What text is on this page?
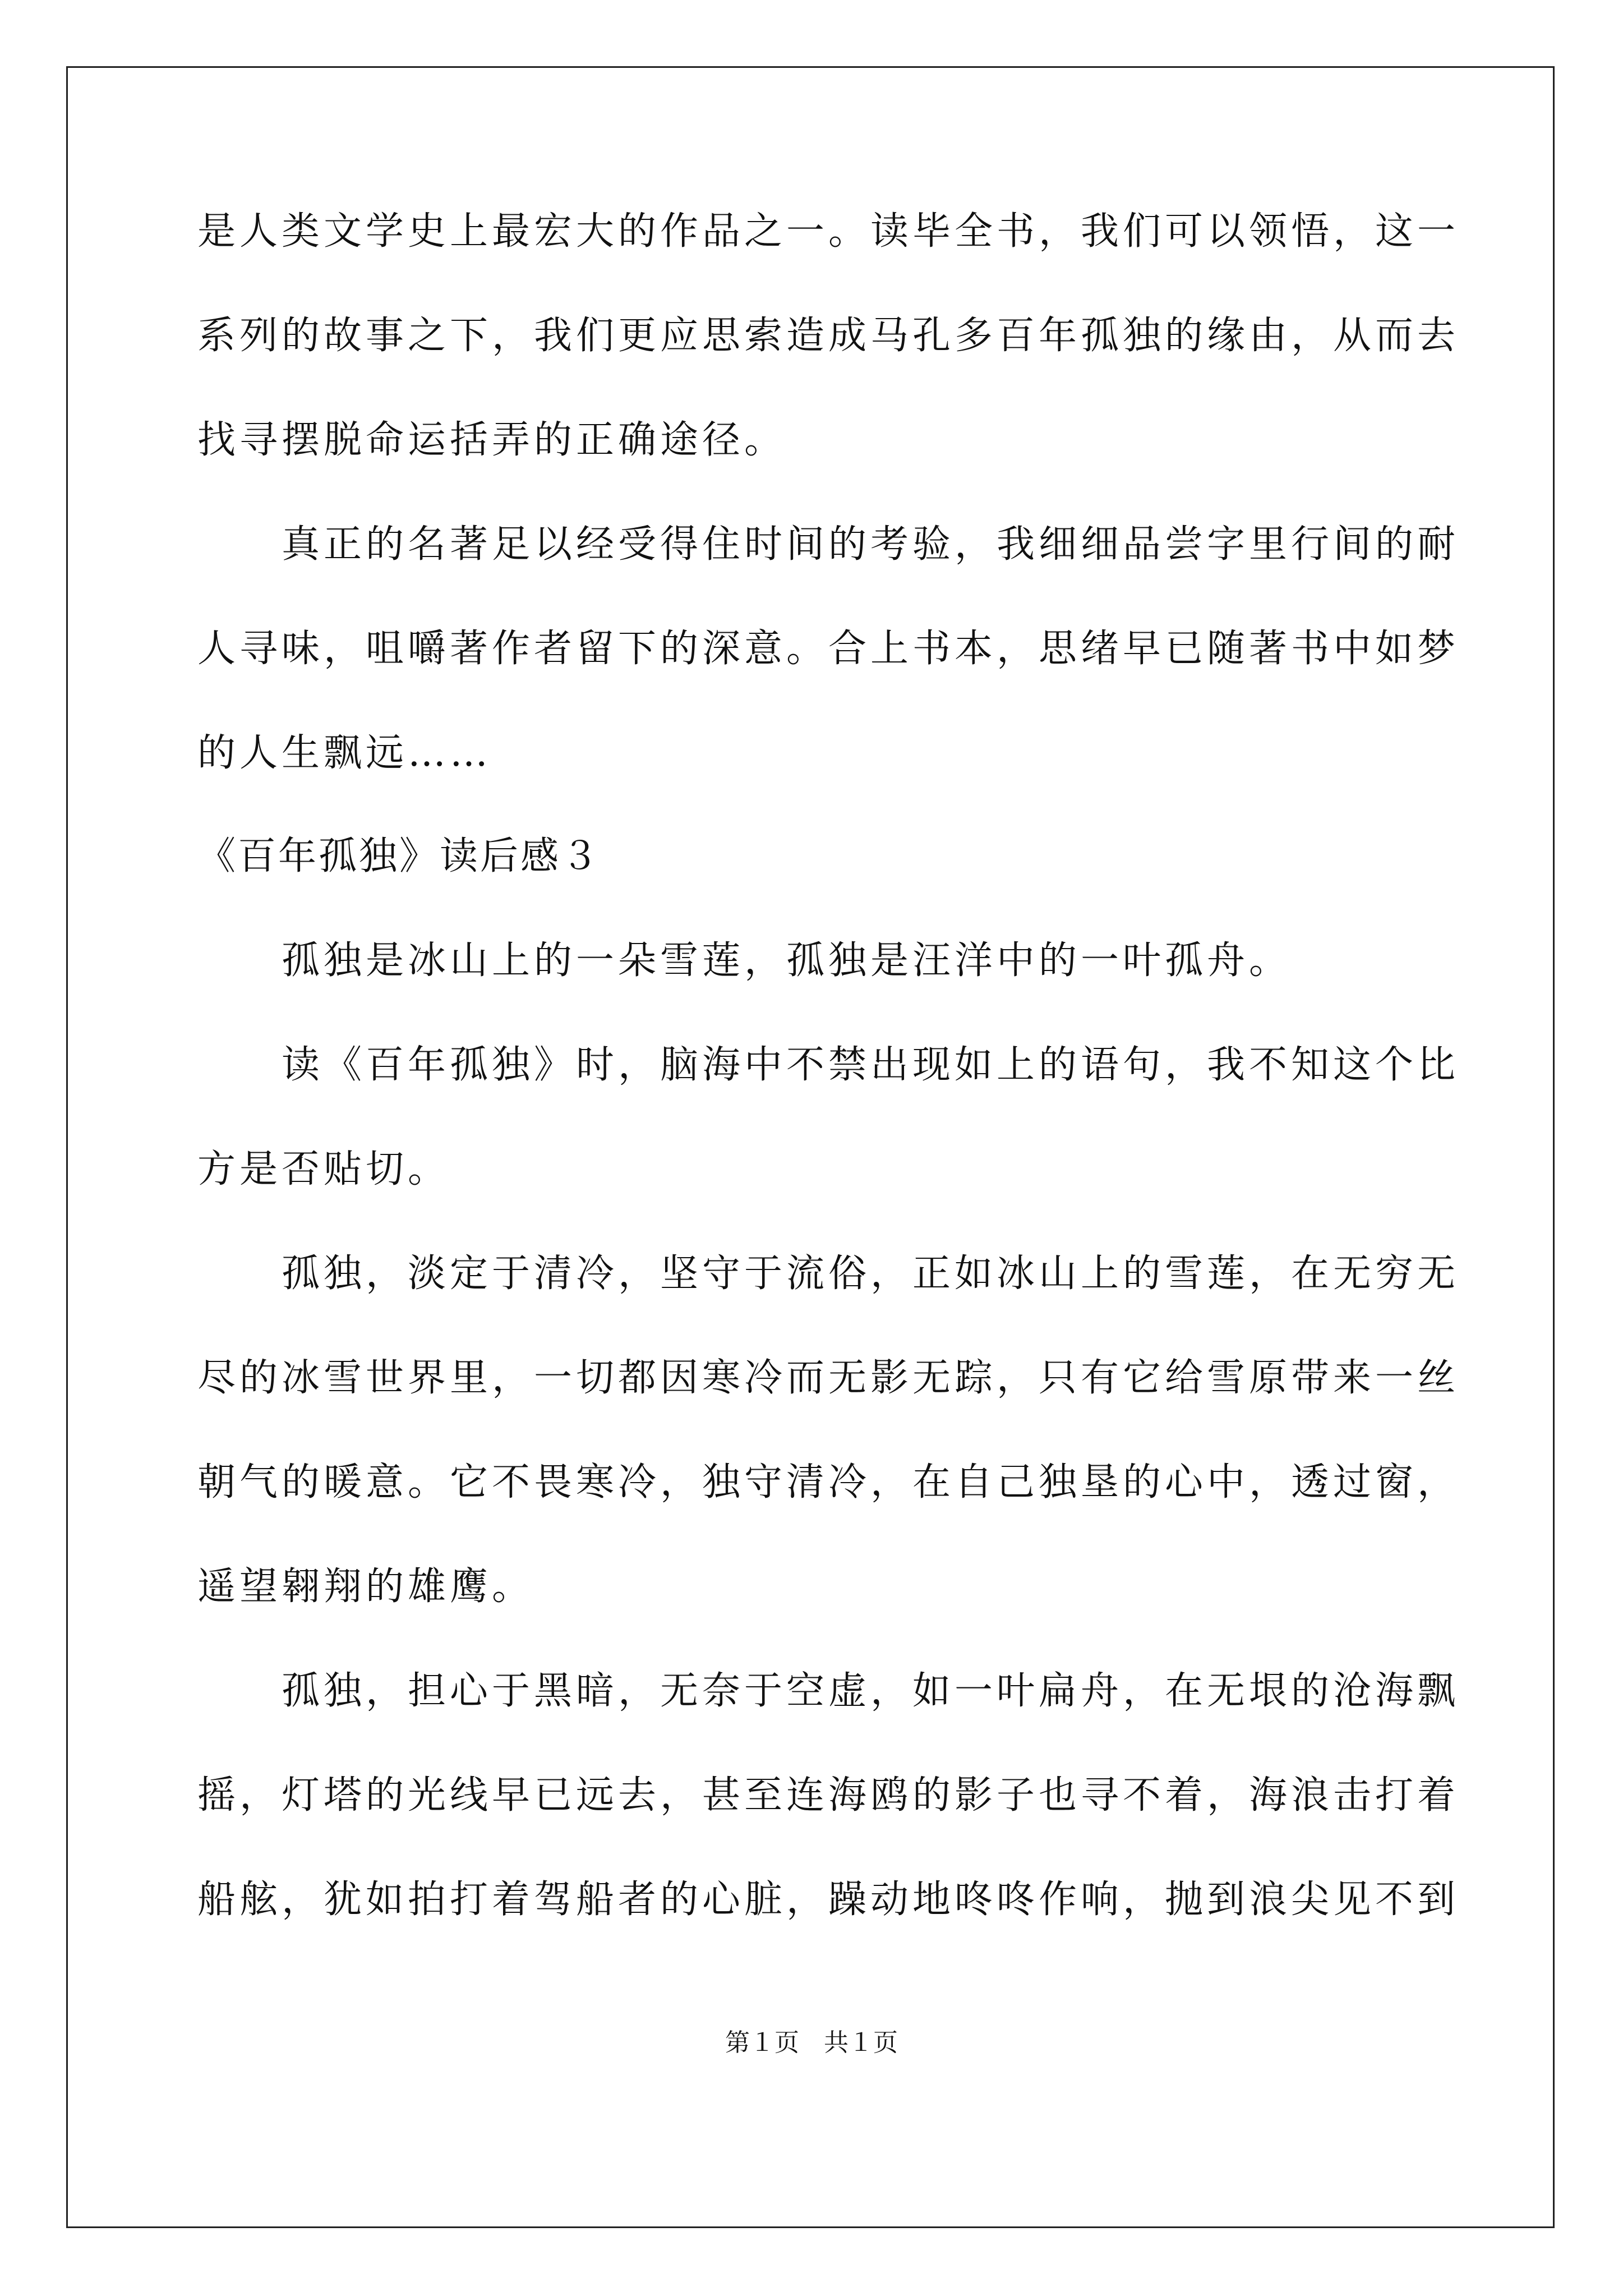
是人类文学史上最宏大的作品之一。读毕全书，我们可以领悟，这一
系列的故事之下，我们更应思索造成马孔多百年孤独的缘由，从而去
找寻摆脱命运括弄的正确途径。
　　真正的名著足以经受得住时间的考验，我细细品尝字里行间的耐
人寻味，咀嚼著作者留下的深意。合上书本，思绪早已随著书中如梦
的人生飘远……
《百年孤独》读后感３
　　孤独是冰山上的一朵雪莲，孤独是汪洋中的一叶孤舟。
　　读《百年孤独》时，脑海中不禁出现如上的语句，我不知这个比
方是否贴切。
　　孤独，淡定于清冷，坚守于流俗，正如冰山上的雪莲，在无穷无
尽的冰雪世界里，一切都因寒冷而无影无踪，只有它给雪原带来一丝
朝气的暖意。它不畏寒冷，独守清冷，在自己独垦的心中，透过窗，
遥望翱翔的雄鹰。
　　孤独，担心于黑暗，无奈于空虚，如一叶扁舟，在无垠的沧海飘
摇，灯塔的光线早已远去，甚至连海鸥的影子也寻不着，海浪击打着
船舷，犹如拍打着驾船者的心脏，躁动地咚咚作响，抛到浪尖见不到
第１页　共１页
